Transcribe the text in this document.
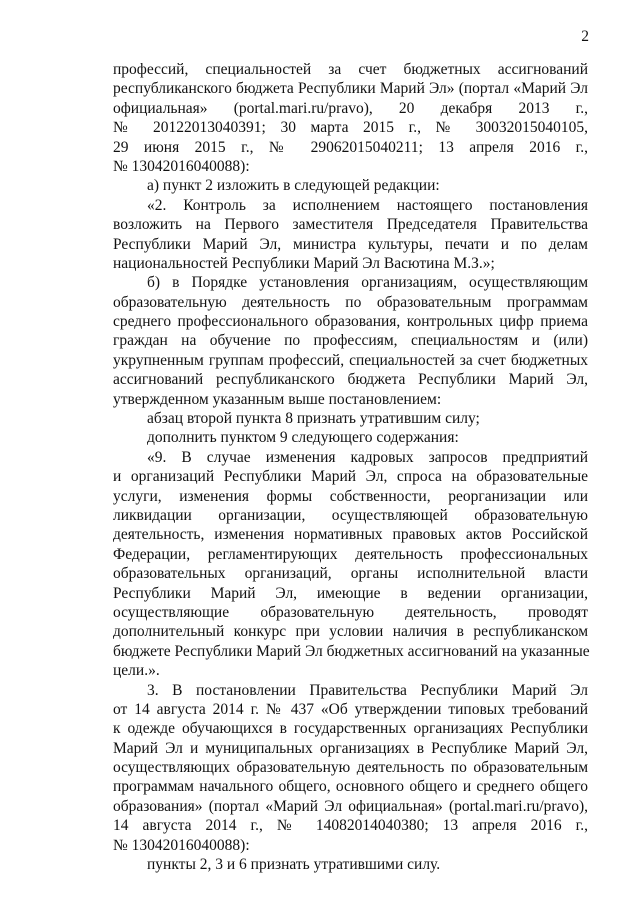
2
профессий, специальностей за счет бюджетных ассигнований
республиканского бюджета Республики Марий Эл» (портал «Марий Эл
официальная» (portal.mari.ru/pravo), 20 декабря 2013 г.,
№ 20122013040391; 30 марта 2015 г., № 30032015040105,
29 июня 2015 г., № 29062015040211; 13 апреля 2016 г.,
№ 13042016040088):
а) пункт 2 изложить в следующей редакции:
«2. Контроль за исполнением настоящего постановления
возложить на Первого заместителя Председателя Правительства
Республики Марий Эл, министра культуры, печати и по делам
национальностей Республики Марий Эл Васютина М.З.»;
б) в Порядке установления организациям, осуществляющим
образовательную деятельность по образовательным программам
среднего профессионального образования, контрольных цифр приема
граждан на обучение по профессиям, специальностям и (или)
укрупненным группам профессий, специальностей за счет бюджетных
ассигнований республиканского бюджета Республики Марий Эл,
утвержденном указанным выше постановлением:
абзац второй пункта 8 признать утратившим силу;
дополнить пунктом 9 следующего содержания:
«9. В случае изменения кадровых запросов предприятий
и организаций Республики Марий Эл, спроса на образовательные
услуги, изменения формы собственности, реорганизации или
ликвидации организации, осуществляющей образовательную
деятельность, изменения нормативных правовых актов Российской
Федерации, регламентирующих деятельность профессиональных
образовательных организаций, органы исполнительной власти
Республики Марий Эл, имеющие в ведении организации,
осуществляющие образовательную деятельность, проводят
дополнительный конкурс при условии наличия в республиканском
бюджете Республики Марий Эл бюджетных ассигнований на указанные
цели.».
3. В постановлении Правительства Республики Марий Эл
от 14 августа 2014 г. № 437 «Об утверждении типовых требований
к одежде обучающихся в государственных организациях Республики
Марий Эл и муниципальных организациях в Республике Марий Эл,
осуществляющих образовательную деятельность по образовательным
программам начального общего, основного общего и среднего общего
образования» (портал «Марий Эл официальная» (portal.mari.ru/pravo),
14 августа 2014 г., № 14082014040380; 13 апреля 2016 г.,
№ 13042016040088):
пункты 2, 3 и 6 признать утратившими силу.
